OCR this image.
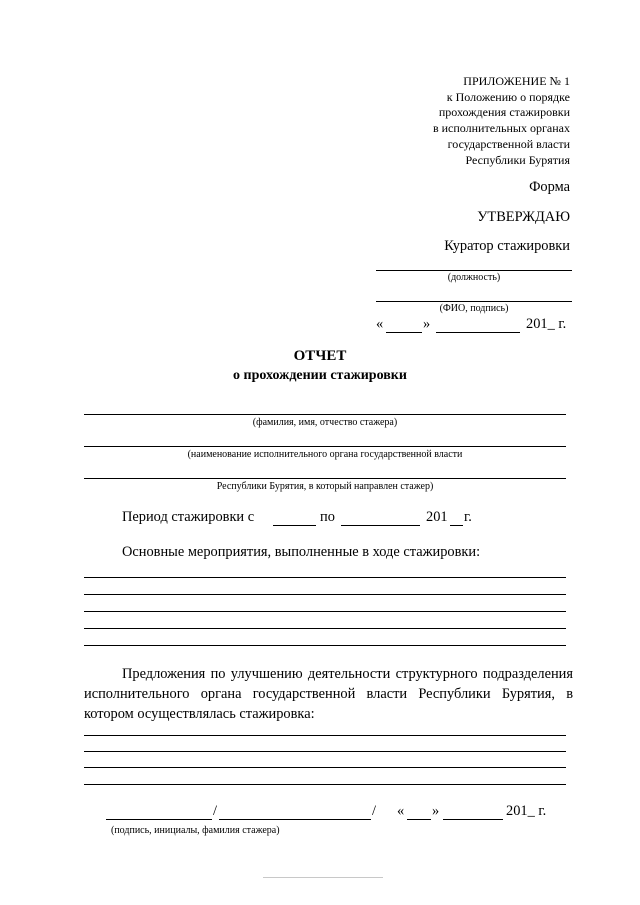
ПРИЛОЖЕНИЕ № 1
к Положению о порядке
прохождения стажировки
в исполнительных органах
государственной власти
Республики Бурятия
Форма
УТВЕРЖДАЮ
Куратор стажировки
(должность)
(ФИО, подпись)
«	»	201_ г.
ОТЧЕТ
о прохождении стажировки
(фамилия, имя, отчество стажера)
(наименование исполнительного органа государственной власти
Республики Бурятия, в который направлен стажер)
Период стажировки с	по	201 г.
Основные мероприятия, выполненные в ходе стажировки:
Предложения по улучшению деятельности структурного подразделения исполнительного органа государственной власти Республики Бурятия, в котором осуществлялась стажировка:
/	/ « »	201_ г.
(подпись, инициалы, фамилия стажера)
